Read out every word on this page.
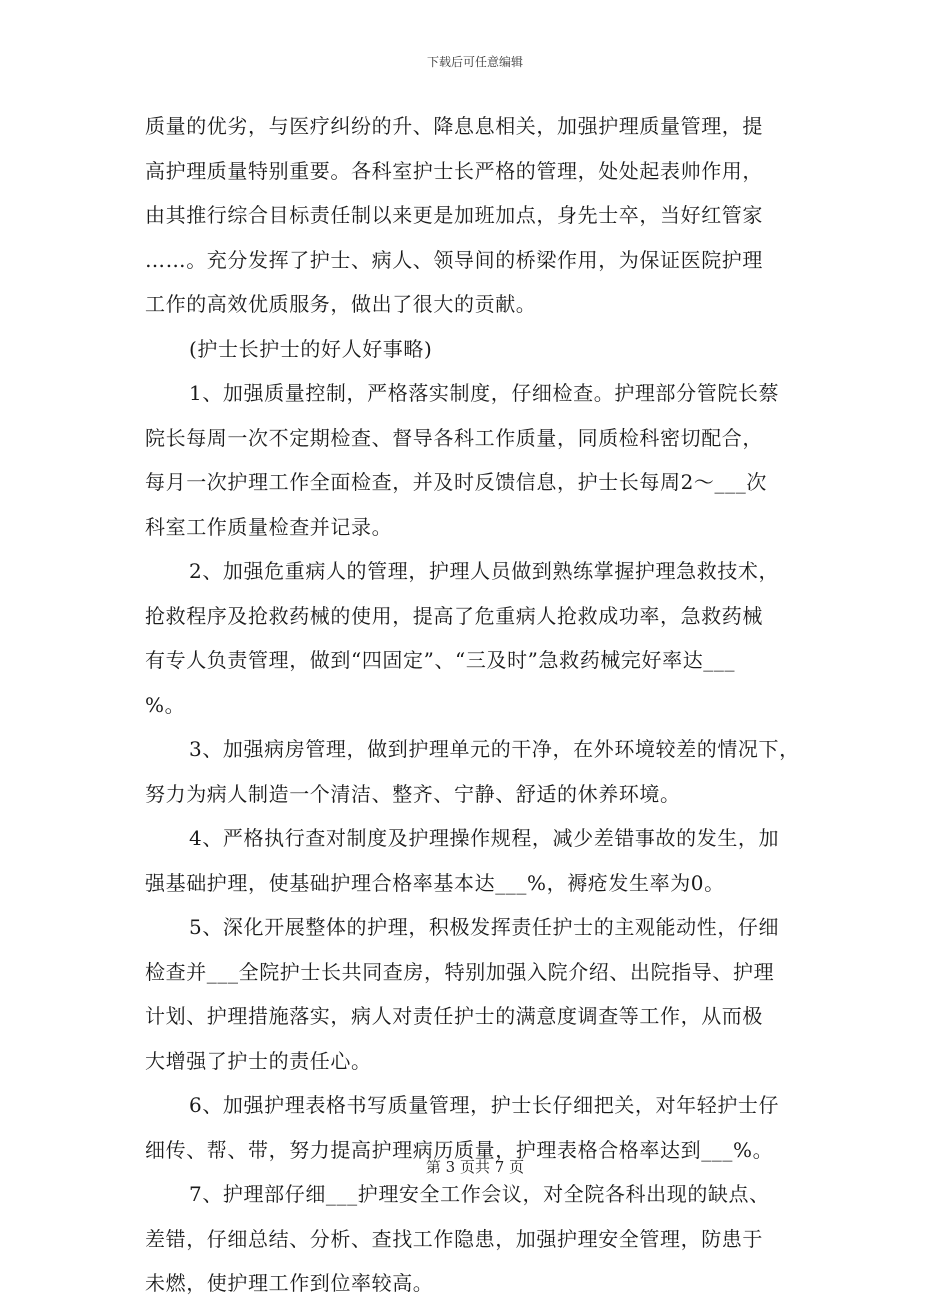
下载后可任意编辑
质量的优劣，与医疗纠纷的升、降息息相关，加强护理质量管理，提
高护理质量特别重要。各科室护士长严格的管理，处处起表帅作用，
由其推行综合目标责任制以来更是加班加点，身先士卒，当好红管家
……。充分发挥了护士、病人、领导间的桥梁作用，为保证医院护理
工作的高效优质服务，做出了很大的贡献。
(护士长护士的好人好事略)
1、加强质量控制，严格落实制度，仔细检查。护理部分管院长蔡
院长每周一次不定期检查、督导各科工作质量，同质检科密切配合，
每月一次护理工作全面检查，并及时反馈信息，护士长每周2～___次
科室工作质量检查并记录。
2、加强危重病人的管理，护理人员做到熟练掌握护理急救技术，
抢救程序及抢救药械的使用，提高了危重病人抢救成功率，急救药械
有专人负责管理，做到“四固定”、“三及时”急救药械完好率达___
%。
3、加强病房管理，做到护理单元的干净，在外环境较差的情况下，
努力为病人制造一个清洁、整齐、宁静、舒适的休养环境。
4、严格执行查对制度及护理操作规程，减少差错事故的发生，加
强基础护理，使基础护理合格率基本达___%，褥疮发生率为0。
5、深化开展整体的护理，积极发挥责任护士的主观能动性，仔细
检查并___全院护士长共同查房，特别加强入院介绍、出院指导、护理
计划、护理措施落实，病人对责任护士的满意度调查等工作，从而极
大增强了护士的责任心。
6、加强护理表格书写质量管理，护士长仔细把关，对年轻护士仔
细传、帮、带，努力提高护理病历质量，护理表格合格率达到___%。
7、护理部仔细___护理安全工作会议，对全院各科出现的缺点、
差错，仔细总结、分析、查找工作隐患，加强护理安全管理，防患于
未燃，使护理工作到位率较高。
第 3 页共 7 页
